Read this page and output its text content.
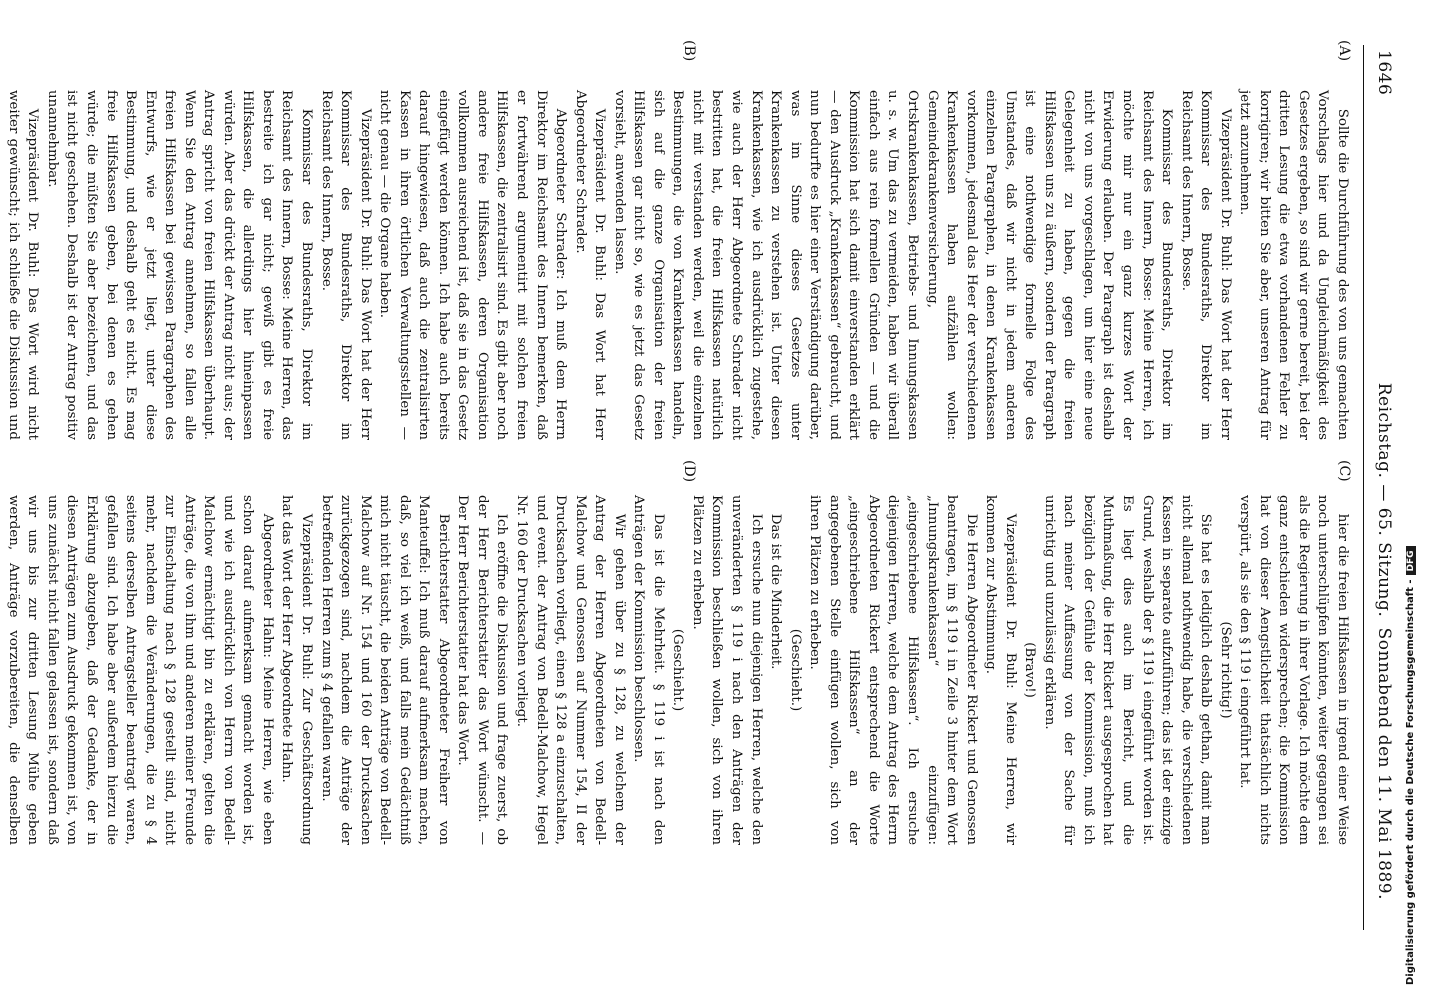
1646
Reichstag. — 65. Sitzung.
Sonnabend den 11. Mai 1889.
(A)
(B)
(C)
(D)

Sollte die Durchführung des von uns gemachten Vorschlags hier und da Ungleichmäßigkeit des Gesetzes ergeben, so sind wir gerne bereit, bei der dritten Lesung die etwa vorhandenen Fehler zu korrigiren; wir bitten Sie aber, unseren Antrag für jetzt anzunehmen.

Vizepräsident Dr. Buhl: Das Wort hat der Herr Kommissar des Bundesraths, Direktor im Reichsamt des Innern, Bosse.

Kommissar des Bundesraths, Direktor im Reichsamt des Innern, Bosse: Meine Herren, ich möchte mir nur ein ganz kurzes Wort der Erwiderung erlauben. Der Paragraph ist deshalb nicht von uns vorgeschlagen, um hier eine neue Gelegenheit zu haben, gegen die freien Hilfskassen uns zu äußern, sondern der Paragraph ist eine nothwendige formelle Folge des Umstandes, daß wir nicht in jedem anderen einzelnen Paragraphen, in denen Krankenkassen vorkommen, jedesmal das Heer der verschiedenen Krankenkassen haben aufzählen wollen: Gemeindekrankenversicherung, Ortskrankenkassen, Betriebs- und Innungskassen u. s. w. Um das zu vermeiden, haben wir überall einfach aus rein formellen Gründen — und die Kommission hat sich damit einverstanden erklärt — den Ausdruck „Krankenkassen“ gebraucht, und nun bedurfte es hier einer Verständigung darüber, was im Sinne dieses Gesetzes unter Krankenkassen zu verstehen ist. Unter diesen Krankenkassen, wie ich ausdrücklich zugestehe, wie auch der Herr Abgeordnete Schrader nicht bestritten hat, die freien Hilfskassen natürlich nicht mit verstanden werden, weil die einzelnen Bestimmungen, die von Krankenkassen handeln, sich auf die ganze Organisation der freien Hilfskassen gar nicht so, wie es jetzt das Gesetz vorsieht, anwenden lassen.

Vizepräsident Dr. Buhl: Das Wort hat Herr Abgeordneter Schrader.

Abgeordneter Schrader: Ich muß dem Herrn Direktor im Reichsamt des Innern bemerken, daß er fortwährend argumentirt mit solchen freien Hilfskassen, die zentralisirt sind. Es gibt aber noch andere freie Hilfskassen, deren Organisation vollkommen ausreichend ist, daß sie in das Gesetz eingefügt werden können. Ich habe auch bereits darauf hingewiesen, daß auch die zentralisirten Kassen in ihren örtlichen Verwaltungsstellen — nicht genau — die Organe haben.

Vizepräsident Dr. Buhl: Das Wort hat der Herr Kommissar des Bundesraths, Direktor im Reichsamt des Innern, Bosse.

Kommissar des Bundesraths, Direktor im Reichsamt des Innern, Bosse: Meine Herren, das bestreite ich gar nicht; gewiß gibt es freie Hilfskassen, die allerdings hier hineinpassen würden. Aber das drückt der Antrag nicht aus; der Antrag spricht von freien Hilfskassen überhaupt. Wenn Sie den Antrag annehmen, so fallen alle freien Hilfskassen bei gewissen Paragraphen des Entwurfs, wie er jetzt liegt, unter diese Bestimmung, und deshalb geht es nicht. Es mag freie Hilfskassen geben, bei denen es gehen würde; die müßten Sie aber bezeichnen, und das ist nicht geschehen. Deshalb ist der Antrag positiv unannehmbar.

Vizepräsident Dr. Buhl: Das Wort wird nicht weiter gewünscht; ich schließe die Diskussion und

hier die freien Hilfskassen in irgend einer Weise noch unterschlüpfen könnten, weiter gegangen sei als die Regierung in ihrer Vorlage. Ich möchte dem ganz entschieden widersprechen; die Kommission hat von dieser Aengstlichkeit thatsächlich nichts verspürt, als sie den § 119 i eingeführt hat.

(Sehr richtig!)

Sie hat es lediglich deshalb gethan, damit man nicht allemal nothwendig habe, die verschiedenen Kassen in separato aufzuführen; das ist der einzige Grund, weshalb der § 119 i eingeführt worden ist. Es liegt dies auch im Bericht, und die Muthmaßung, die Herr Rickert ausgesprochen hat bezüglich der Gefühle der Kommission, muß ich nach meiner Auffassung von der Sache für unrichtig und unzulässig erklären.

(Bravo!)

Vizepräsident Dr. Buhl: Meine Herren, wir kommen zur Abstimmung.

Die Herren Abgeordneter Rickert und Genossen beantragen, im § 119 i in Zeile 3 hinter dem Wort „Innungskrankenkassen“ einzufügen: „eingeschriebene Hilfskassen“. Ich ersuche diejenigen Herren, welche dem Antrag des Herrn Abgeordneten Rickert entsprechend die Worte „eingeschriebene Hilfskassen“ an der angegebenen Stelle einfügen wollen, sich von ihren Plätzen zu erheben.

(Geschieht.)

Das ist die Minderheit.

Ich ersuche nun diejenigen Herren, welche den unveränderten § 119 i nach den Anträgen der Kommission beschließen wollen, sich von ihren Plätzen zu erheben.

(Geschieht.)

Das ist die Mehrheit. § 119 i ist nach den Anträgen der Kommission beschlossen.

Wir gehen über zu § 128, zu welchem der Antrag der Herren Abgeordneten von Bedell-Malchow und Genossen auf Nummer 154, II der Drucksachen vorliegt, einen § 128 a einzuschalten, und event. der Antrag von Bedell-Malchow, Hegel Nr. 160 der Drucksachen vorliegt.

Ich eröffne die Diskussion und frage zuerst, ob der Herr Berichterstatter das Wort wünscht. — Der Herr Berichterstatter hat das Wort.

Berichterstatter Abgeordneter Freiherr von Manteuffel: Ich muß darauf aufmerksam machen, daß, so viel ich weiß, und falls mein Gedächtniß mich nicht täuscht, die beiden Anträge von Bedell-Malchow auf Nr. 154 und 160 der Drucksachen zurückgezogen sind, nachdem die Anträge der betreffenden Herren zum § 4 gefallen waren.

Vizepräsident Dr. Buhl: Zur Geschäftsordnung hat das Wort der Herr Abgeordnete Hahn.

Abgeordneter Hahn: Meine Herren, wie eben schon darauf aufmerksam gemacht worden ist, und wie ich ausdrücklich von Herrn von Bedell-Malchow ermächtigt bin zu erklären, gelten die Anträge, die von ihm und anderen meiner Freunde zur Einschaltung nach § 128 gestellt sind, nicht mehr, nachdem die Veränderungen, die zu § 4 seitens derselben Antragsteller beantragt waren, gefallen sind. Ich habe aber außerdem hierzu die Erklärung abzugeben, daß der Gedanke, der in diesen Anträgen zum Ausdruck gekommen ist, von uns zunächst nicht fallen gelassen ist, sondern daß wir uns bis zur dritten Lesung Mühe geben werden, Anträge vorzubereiten, die denselben	Digitalisierung gefördert durch die Deutsche Forschungsgemeinschaft -DFG
